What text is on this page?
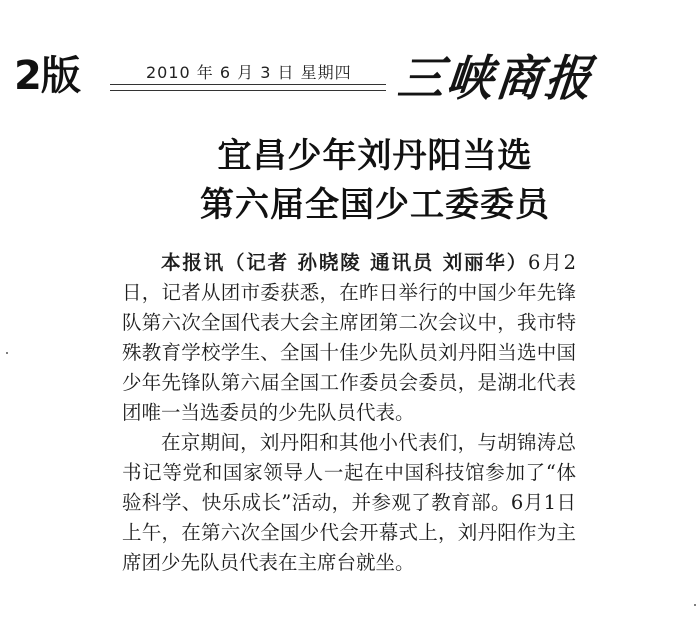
2版	2010 年 6 月 3 日 星期四 三峡商报
宜昌少年刘丹阳当选
第六届全国少工委委员

本报讯（记者 孙晓陵 通讯员 刘丽华）6月2日，记者从团市委获悉，在昨日举行的中国少年先锋队第六次全国代表大会主席团第二次会议中，我市特殊教育学校学生、全国十佳少先队员刘丹阳当选中国少年先锋队第六届全国工作委员会委员，是湖北代表团唯一当选委员的少先队员代表。

在京期间，刘丹阳和其他小代表们，与胡锦涛总书记等党和国家领导人一起在中国科技馆参加了“体验科学、快乐成长”活动，并参观了教育部。6月1日上午，在第六次全国少代会开幕式上，刘丹阳作为主席团少先队员代表在主席台就坐。
